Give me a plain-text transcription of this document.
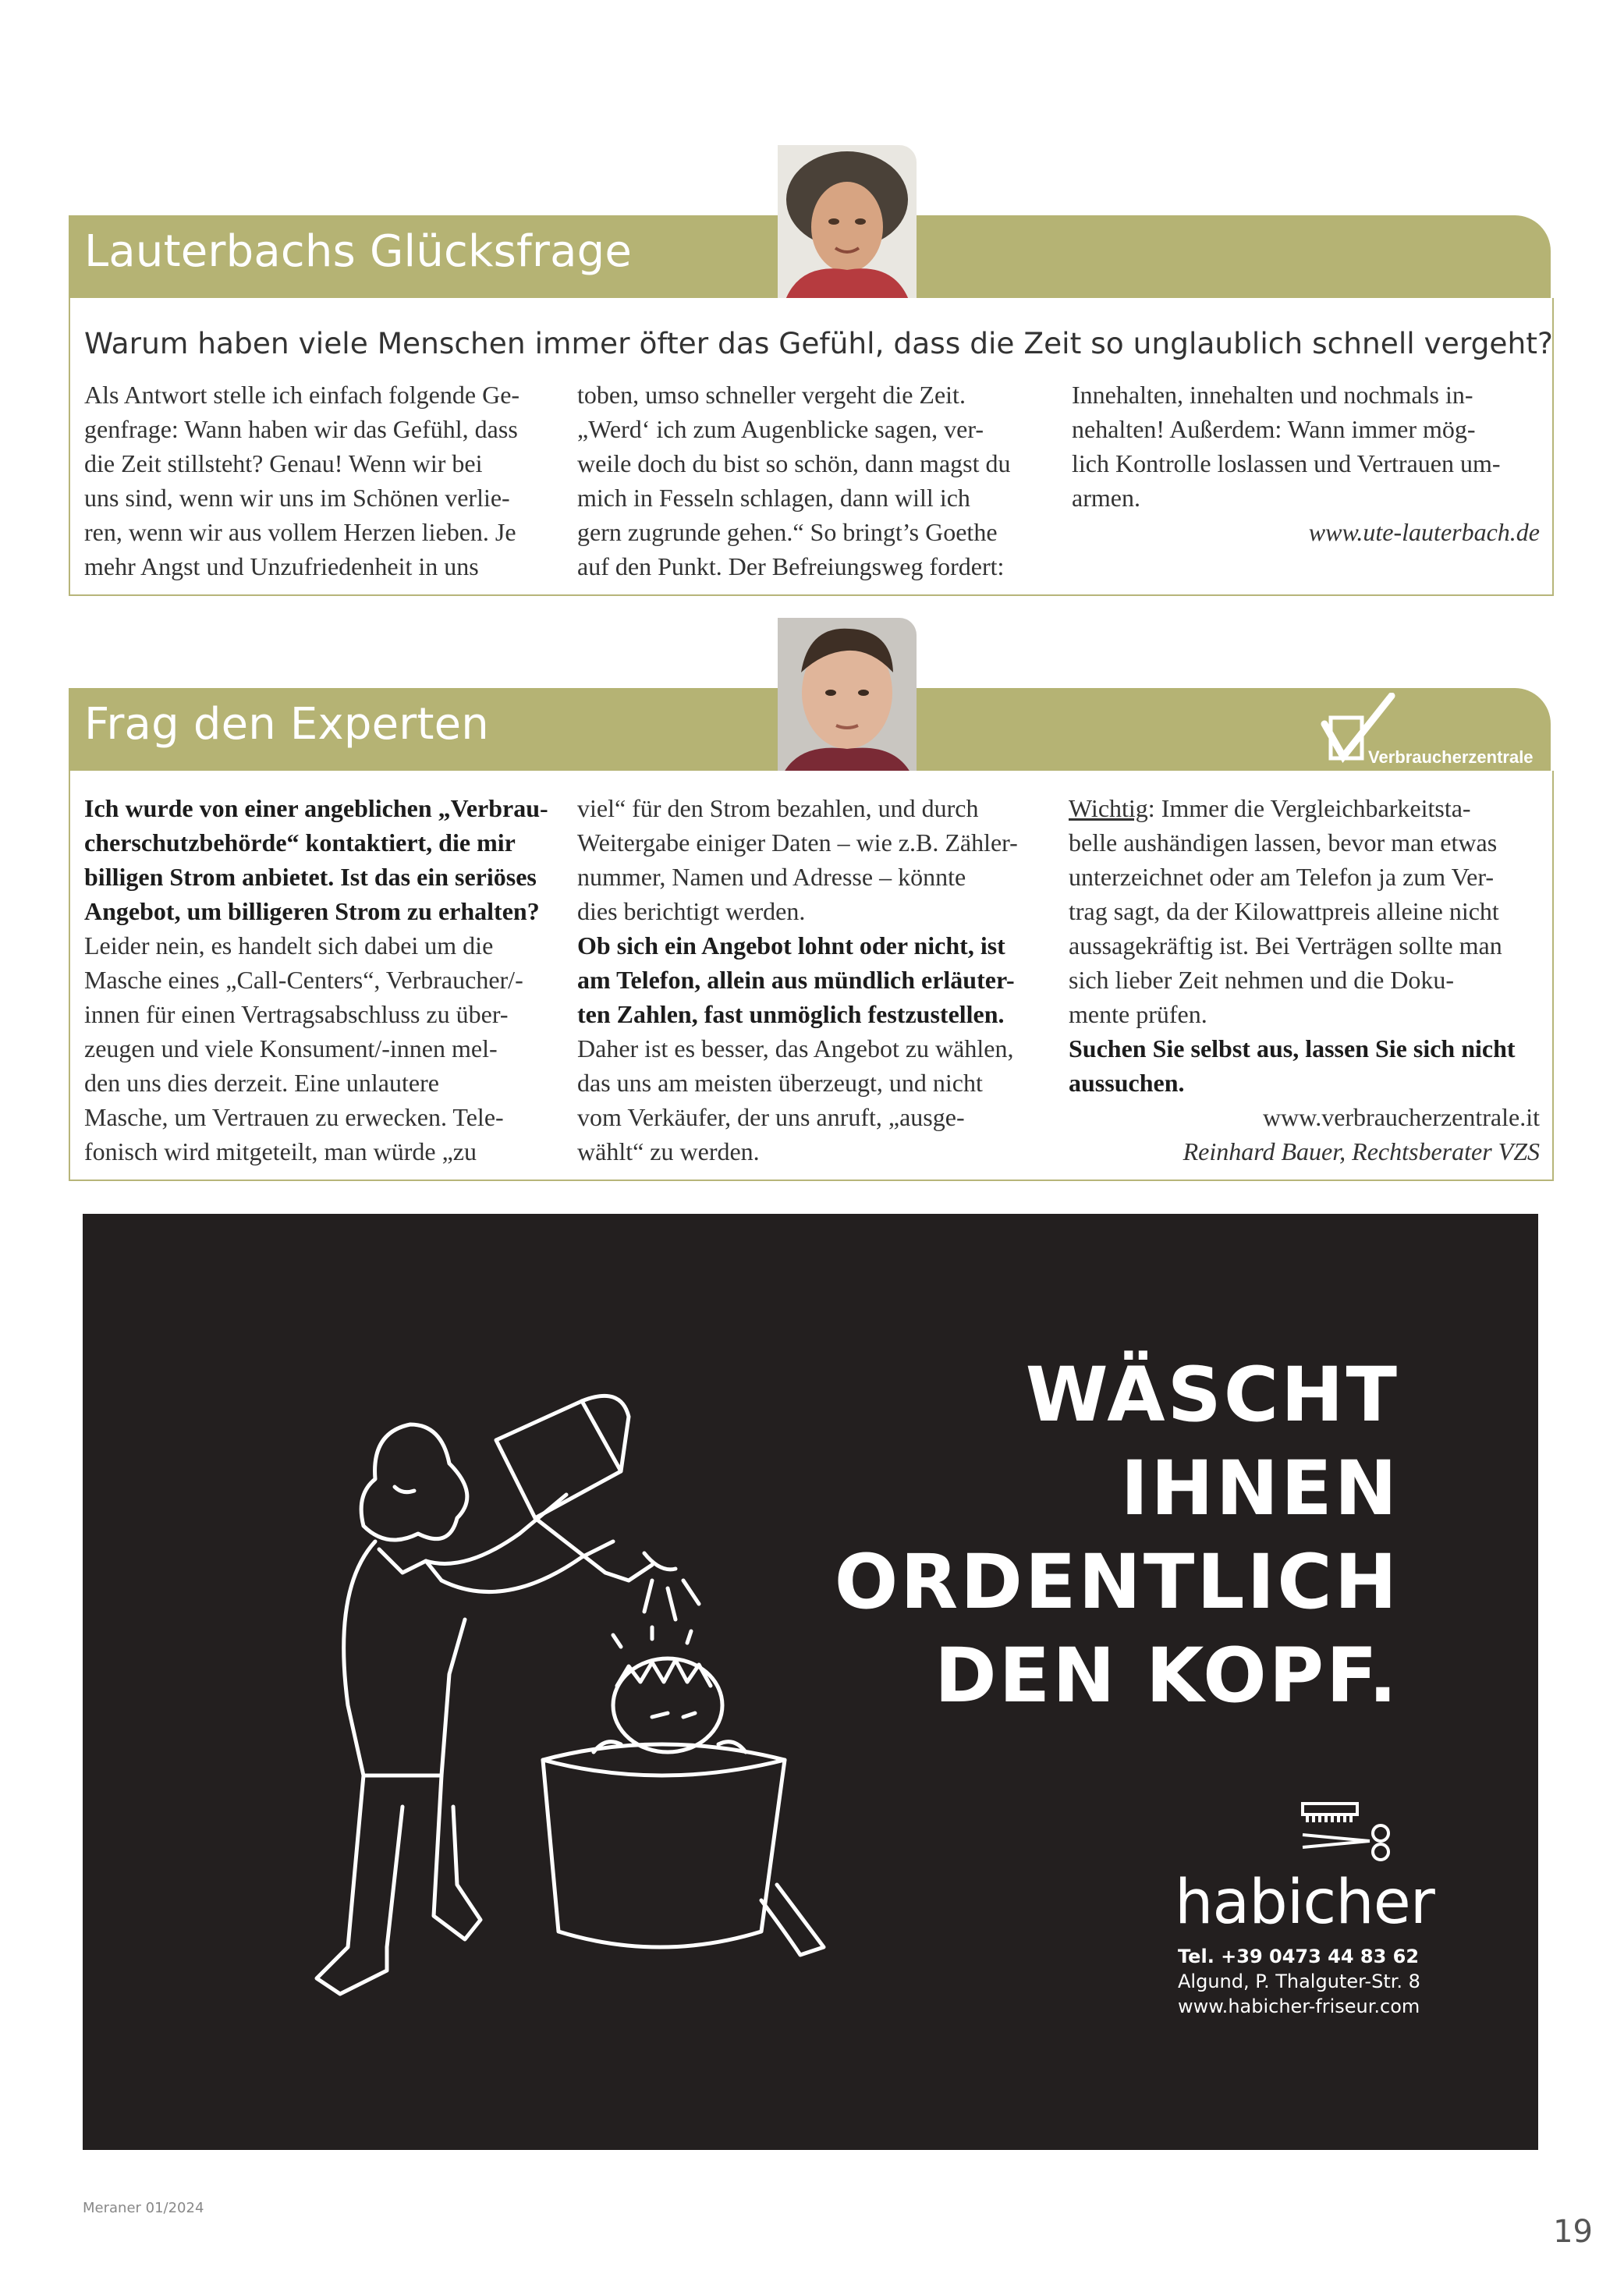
Lauterbachs Glücksfrage
Warum haben viele Menschen immer öfter das Gefühl, dass die Zeit so unglaublich schnell vergeht?
Als Antwort stelle ich einfach folgende Ge-
genfrage: Wann haben wir das Gefühl, dass
die Zeit stillsteht? Genau! Wenn wir bei
uns sind, wenn wir uns im Schönen verlie-
ren, wenn wir aus vollem Herzen lieben. Je
mehr Angst und Unzufriedenheit in uns
toben, umso schneller vergeht die Zeit.
„Werd‘ ich zum Augenblicke sagen, ver-
weile doch du bist so schön, dann magst du
mich in Fesseln schlagen, dann will ich
gern zugrunde gehen.“ So bringt’s Goethe
auf den Punkt. Der Befreiungsweg fordert:
Innehalten, innehalten und nochmals in-
nehalten! Außerdem: Wann immer mög-
lich Kontrolle loslassen und Vertrauen um-
armen.
www.ute-lauterbach.de
Frag den Experten
Verbraucherzentrale
Ich wurde von einer angeblichen „Verbrau-
cherschutzbehörde“ kontaktiert, die mir
billigen Strom anbietet. Ist das ein seriöses
Angebot, um billigeren Strom zu erhalten?
Leider nein, es handelt sich dabei um die
Masche eines „Call-Centers“, Verbraucher/-
innen für einen Vertragsabschluss zu über-
zeugen und viele Konsument/-innen mel-
den uns dies derzeit. Eine unlautere
Masche, um Vertrauen zu erwecken. Tele-
fonisch wird mitgeteilt, man würde „zu
viel“ für den Strom bezahlen, und durch
Weitergabe einiger Daten – wie z.B. Zähler-
nummer, Namen und Adresse – könnte
dies berichtigt werden.
Ob sich ein Angebot lohnt oder nicht, ist
am Telefon, allein aus mündlich erläuter-
ten Zahlen, fast unmöglich festzustellen.
Daher ist es besser, das Angebot zu wählen,
das uns am meisten überzeugt, und nicht
vom Verkäufer, der uns anruft, „ausge-
wählt“ zu werden.
Wichtig: Immer die Vergleichbarkeitsta-
belle aushändigen lassen, bevor man etwas
unterzeichnet oder am Telefon ja zum Ver-
trag sagt, da der Kilowattpreis alleine nicht
aussagekräftig ist. Bei Verträgen sollte man
sich lieber Zeit nehmen und die Doku-
mente prüfen.
Suchen Sie selbst aus, lassen Sie sich nicht
aussuchen.
www.verbraucherzentrale.it
Reinhard Bauer, Rechtsberater VZS
WÄSCHT
IHNEN
ORDENTLICH
DEN KOPF.
habicher
Tel. +39 0473 44 83 62
Algund, P. Thalguter-Str. 8
www.habicher-friseur.com
Meraner 01/2024
19
